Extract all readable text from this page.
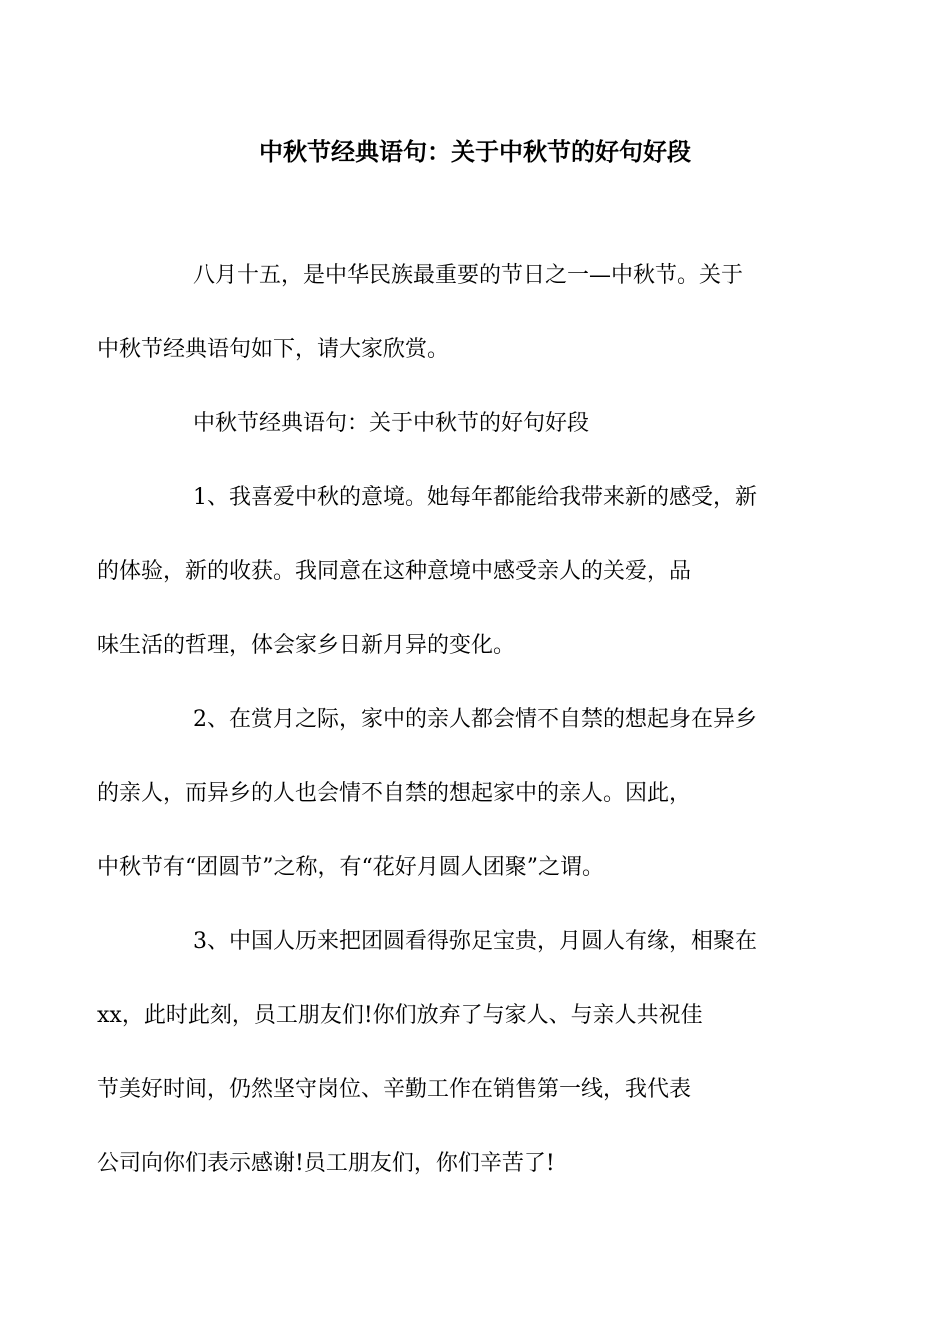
中秋节经典语句：关于中秋节的好句好段

八月十五，是中华民族最重要的节日之一—中秋节。关于
中秋节经典语句如下，请大家欣赏。

中秋节经典语句：关于中秋节的好句好段

1、我喜爱中秋的意境。她每年都能给我带来新的感受，新
的体验，新的收获。我同意在这种意境中感受亲人的关爱，品
味生活的哲理，体会家乡日新月异的变化。

2、在赏月之际，家中的亲人都会情不自禁的想起身在异乡
的亲人，而异乡的人也会情不自禁的想起家中的亲人。因此，
中秋节有“团圆节”之称，有“花好月圆人团聚”之谓。

3、中国人历来把团圆看得弥足宝贵，月圆人有缘，相聚在
xx，此时此刻，员工朋友们!你们放弃了与家人、与亲人共祝佳
节美好时间，仍然坚守岗位、辛勤工作在销售第一线，我代表
公司向你们表示感谢!员工朋友们，你们辛苦了!
